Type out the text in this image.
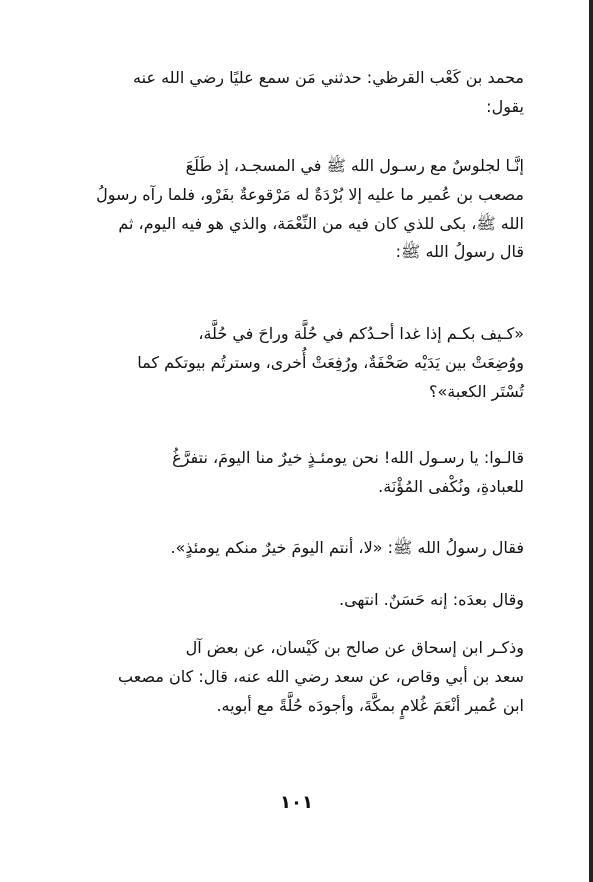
محمد بن كَعْب القرظي: حدثني مَن سمع عليًا رضي الله عنه
يقول:
إنَّـا لجلوسٌ مع رسـول الله ﷺ في المسجـد، إذ طَلَعَ
مصعب بن عُمير ما عليه إلا بُرْدَةٌ له مَرْقوعةٌ بفَرْو، فلما رآه رسولُ
الله ﷺ، بكى للذي كان فيه من النِّعْمَة، والذي هو فيه اليوم، ثم
قال رسولُ الله ﷺ:
«كـيف بكـم إذا غدا أحـدُكم في حُلَّة وراحَ في حُلَّة،
ووُضِعَتْ بين يَدَيْه صَحْفَةٌ، ورُفِعَتْ أُخرى، وسترتُم بيوتكم كما
تُسْتَر الكعبة»؟
قالـوا: يا رسـول الله! نحن يومئـذٍ خيرٌ منا اليومَ، نتفرَّغُ
للعبادةِ، ونُكْفى المُؤْنَة.
فقال رسولُ الله ﷺ: «لا، أنتم اليومَ خيرٌ منكم يومئذٍ».
وقال بعدَه: إنه حَسَنٌ. انتهى.
وذكـر ابن إسحاق عن صالح بن كَيْسان، عن بعض آل
سعد بن أبي وقاص، عن سعد رضي الله عنه، قال: كان مصعب
ابن عُمير أنْعَمَ غُلامٍ بمكَّةَ، وأجودَه حُلَّةً مع أبويه.
١٠١
